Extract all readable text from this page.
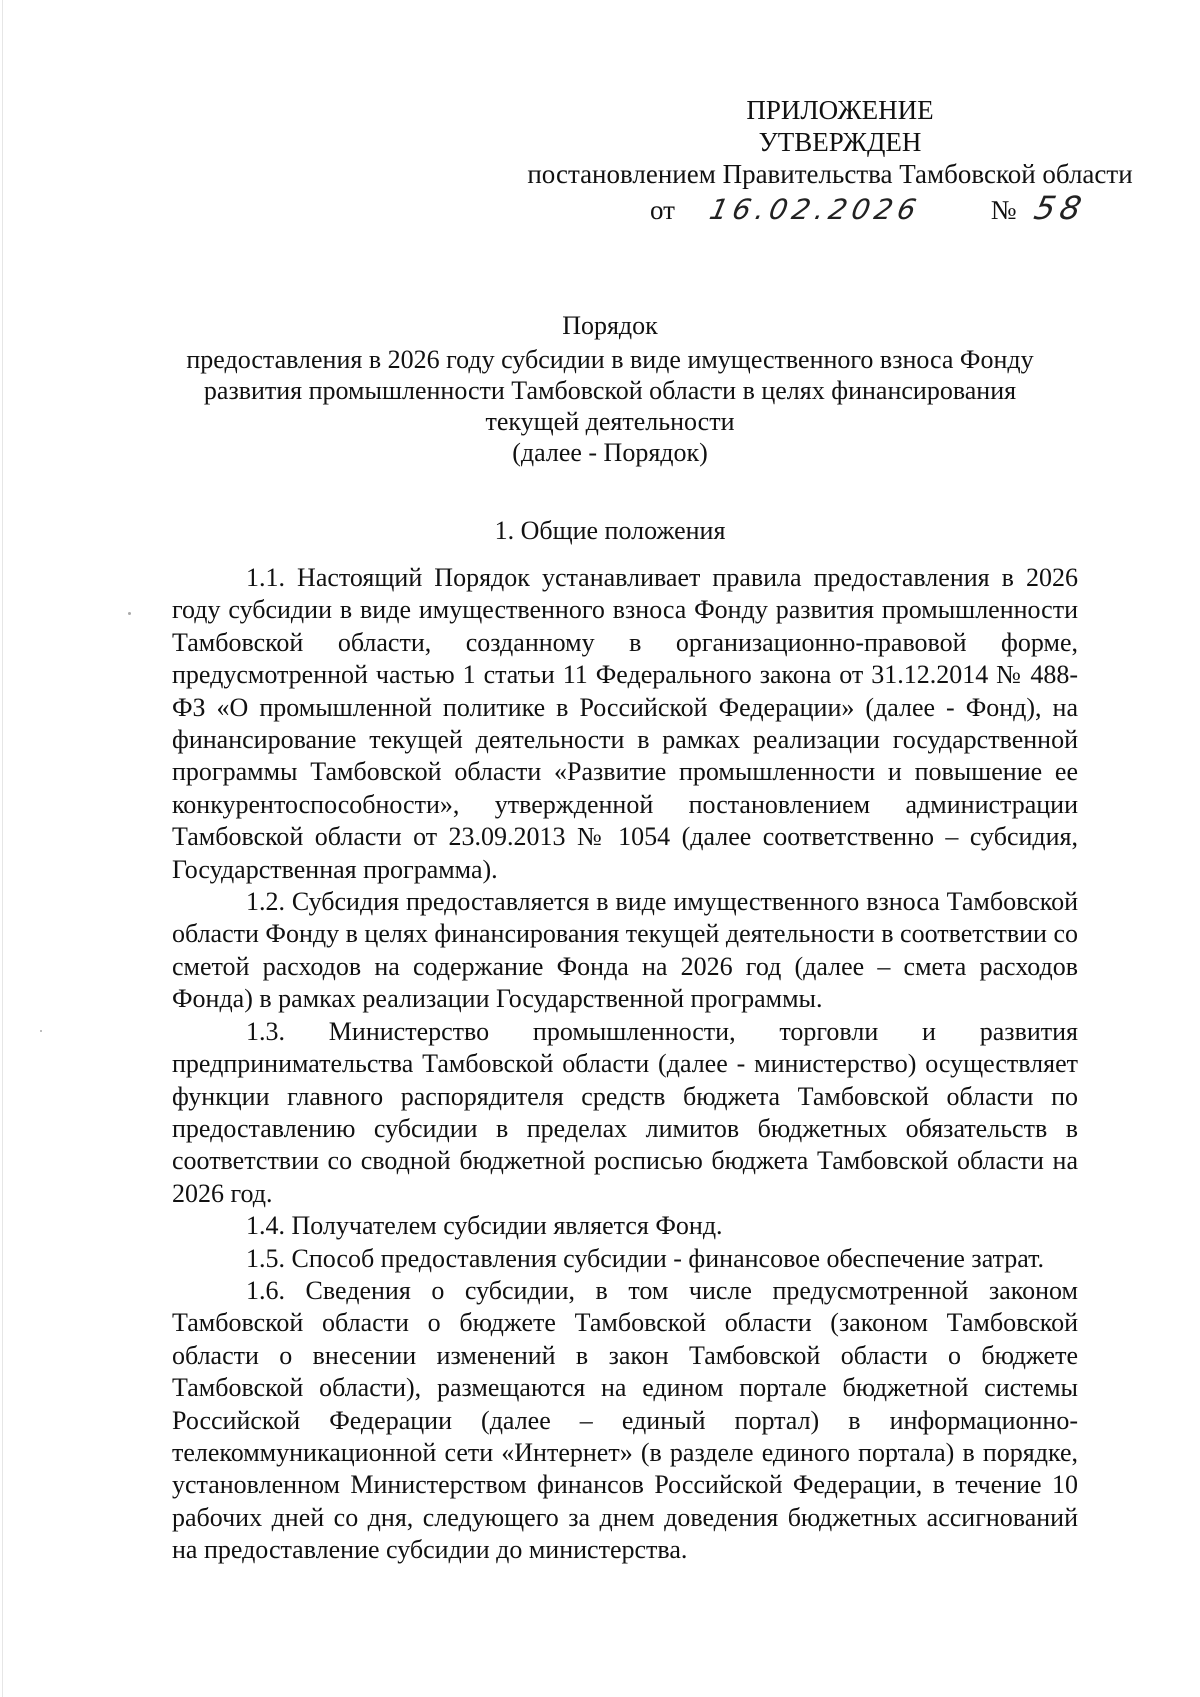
ПРИЛОЖЕНИЕ
УТВЕРЖДЕН
постановлением Правительства Тамбовской области
от 16.02.2026 № 58
Порядок
предоставления в 2026 году субсидии в виде имущественного взноса Фонду
развития промышленности Тамбовской области в целях финансирования
текущей деятельности
(далее - Порядок)
1. Общие положения

1.1. Настоящий Порядок устанавливает правила предоставления в 2026 году субсидии в виде имущественного взноса Фонду развития промышленности Тамбовской области, созданному в организационно-правовой форме, предусмотренной частью 1 статьи 11 Федерального закона от 31.12.2014 № 488-ФЗ «О промышленной политике в Российской Федерации» (далее - Фонд), на финансирование текущей деятельности в рамках реализации государственной программы Тамбовской области «Развитие промышленности и повышение ее конкурентоспособности», утвержденной постановлением администрации Тамбовской области от 23.09.2013 № 1054 (далее соответственно – субсидия, Государственная программа).

1.2. Субсидия предоставляется в виде имущественного взноса Тамбовской области Фонду в целях финансирования текущей деятельности в соответствии со сметой расходов на содержание Фонда на 2026 год (далее – смета расходов Фонда) в рамках реализации Государственной программы.

1.3. Министерство промышленности, торговли и развития предпринимательства Тамбовской области (далее - министерство) осуществляет функции главного распорядителя средств бюджета Тамбовской области по предоставлению субсидии в пределах лимитов бюджетных обязательств в соответствии со сводной бюджетной росписью бюджета Тамбовской области на 2026 год.

1.4. Получателем субсидии является Фонд.

1.5. Способ предоставления субсидии - финансовое обеспечение затрат.

1.6. Сведения о субсидии, в том числе предусмотренной законом Тамбовской области о бюджете Тамбовской области (законом Тамбовской области о внесении изменений в закон Тамбовской области о бюджете Тамбовской области), размещаются на едином портале бюджетной системы Российской Федерации (далее – единый портал) в информационно-телекоммуникационной сети «Интернет» (в разделе единого портала) в порядке, установленном Министерством финансов Российской Федерации, в течение 10 рабочих дней со дня, следующего за днем доведения бюджетных ассигнований на предоставление субсидии до министерства.
